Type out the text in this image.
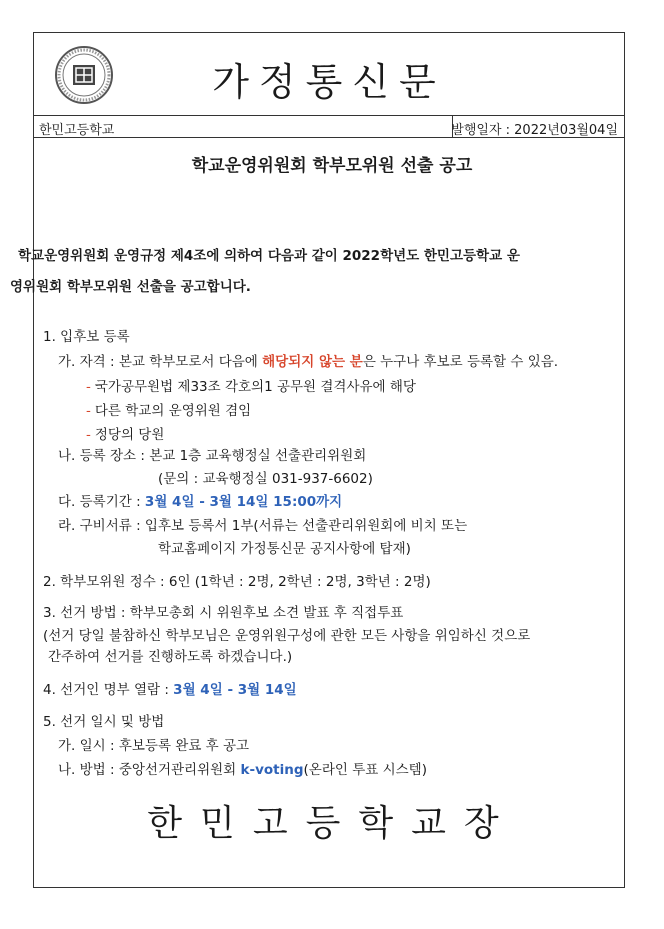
가정통신문
한민고등학교	발행일자 : 2022년03월04일
학교운영위원회 학부모위원 선출 공고
학교운영위원회 운영규정 제4조에 의하여 다음과 같이 2022학년도 한민고등학교 운
영위원회 학부모위원 선출을 공고합니다.
1. 입후보 등록
가. 자격 : 본교 학부모로서 다음에 해당되지 않는 분은 누구나 후보로 등록할 수 있음.
- 국가공무원법 제33조 각호의1 공무원 결격사유에 해당
- 다른 학교의 운영위원 겸임
- 정당의 당원
나. 등록 장소 : 본교 1층 교육행정실 선출관리위원회
(문의 : 교육행정실 031-937-6602)
다. 등록기간 : 3월 4일 - 3월 14일 15:00까지
라. 구비서류 : 입후보 등록서 1부(서류는 선출관리위원회에 비치 또는
학교홈페이지 가정통신문 공지사항에 탑재)
2. 학부모위원 정수 : 6인 (1학년 : 2명, 2학년 : 2명, 3학년 : 2명)
3. 선거 방법 : 학부모총회 시 위원후보 소견 발표 후 직접투표
(선거 당일 불참하신 학부모님은 운영위원구성에 관한 모든 사항을 위임하신 것으로
간주하여 선거를 진행하도록 하겠습니다.)
4. 선거인 명부 열람 : 3월 4일 - 3월 14일
5. 선거 일시 및 방법
가. 일시 : 후보등록 완료 후 공고
나. 방법 : 중앙선거관리위원회 k-voting(온라인 투표 시스템)
한민고등학교장
